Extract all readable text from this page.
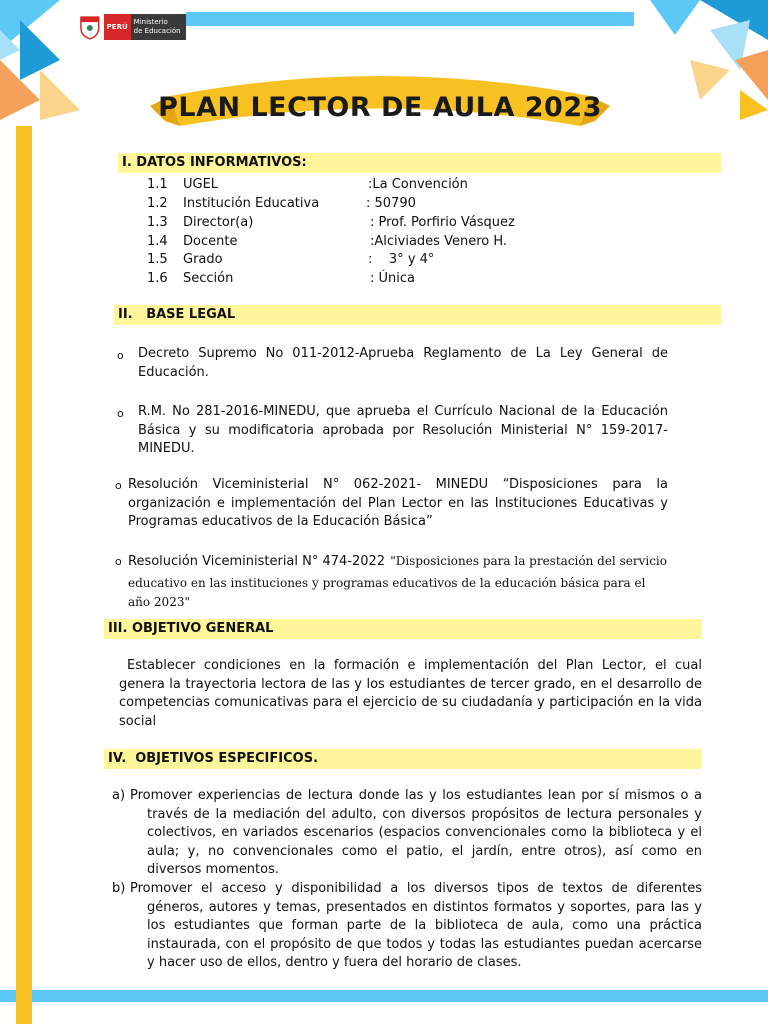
PERÚ
Ministerio
de Educación
PLAN LECTOR DE AULA 2023
I. DATOS INFORMATIVOS:
1.1 UGEL	:La Convención
1.2 Institución Educativa	: 50790
1.3 Director(a)	: Prof. Porfirio Vásquez
1.4 Docente	:Alciviades Venero H.
1.5 Grado	:    3° y 4°
1.6 Sección	: Única
II.   BASE LEGAL
o Decreto Supremo No 011-2012-Aprueba Reglamento de La Ley General de Educación.
o R.M. No 281-2016-MINEDU, que aprueba el Currículo Nacional de la Educación Básica y su modificatoria aprobada por Resolución Ministerial N° 159-2017-MINEDU.
o Resolución Viceministerial N° 062-2021- MINEDU “Disposiciones para la organización e implementación del Plan Lector en las Instituciones Educativas y Programas educativos de la Educación Básica”
o Resolución Viceministerial N° 474-2022 "Disposiciones para la prestación del servicio educativo en las instituciones y programas educativos de la educación básica para el año 2023"
III. OBJETIVO GENERAL
Establecer condiciones en la formación e implementación del Plan Lector, el cual genera la trayectoria lectora de las y los estudiantes de tercer grado, en el desarrollo de competencias comunicativas para el ejercicio de su ciudadanía y participación en la vida social
IV.  OBJETIVOS ESPECIFICOS.
a) Promover experiencias de lectura donde las y los estudiantes lean por sí mismos o a través de la mediación del adulto, con diversos propósitos de lectura personales y colectivos, en variados escenarios (espacios convencionales como la biblioteca y el aula; y, no convencionales como el patio, el jardín, entre otros), así como en diversos momentos.
b) Promover el acceso y disponibilidad a los diversos tipos de textos de diferentes géneros, autores y temas, presentados en distintos formatos y soportes, para las y los estudiantes que forman parte de la biblioteca de aula, como una práctica instaurada, con el propósito de que todos y todas las estudiantes puedan acercarse y hacer uso de ellos, dentro y fuera del horario de clases.
